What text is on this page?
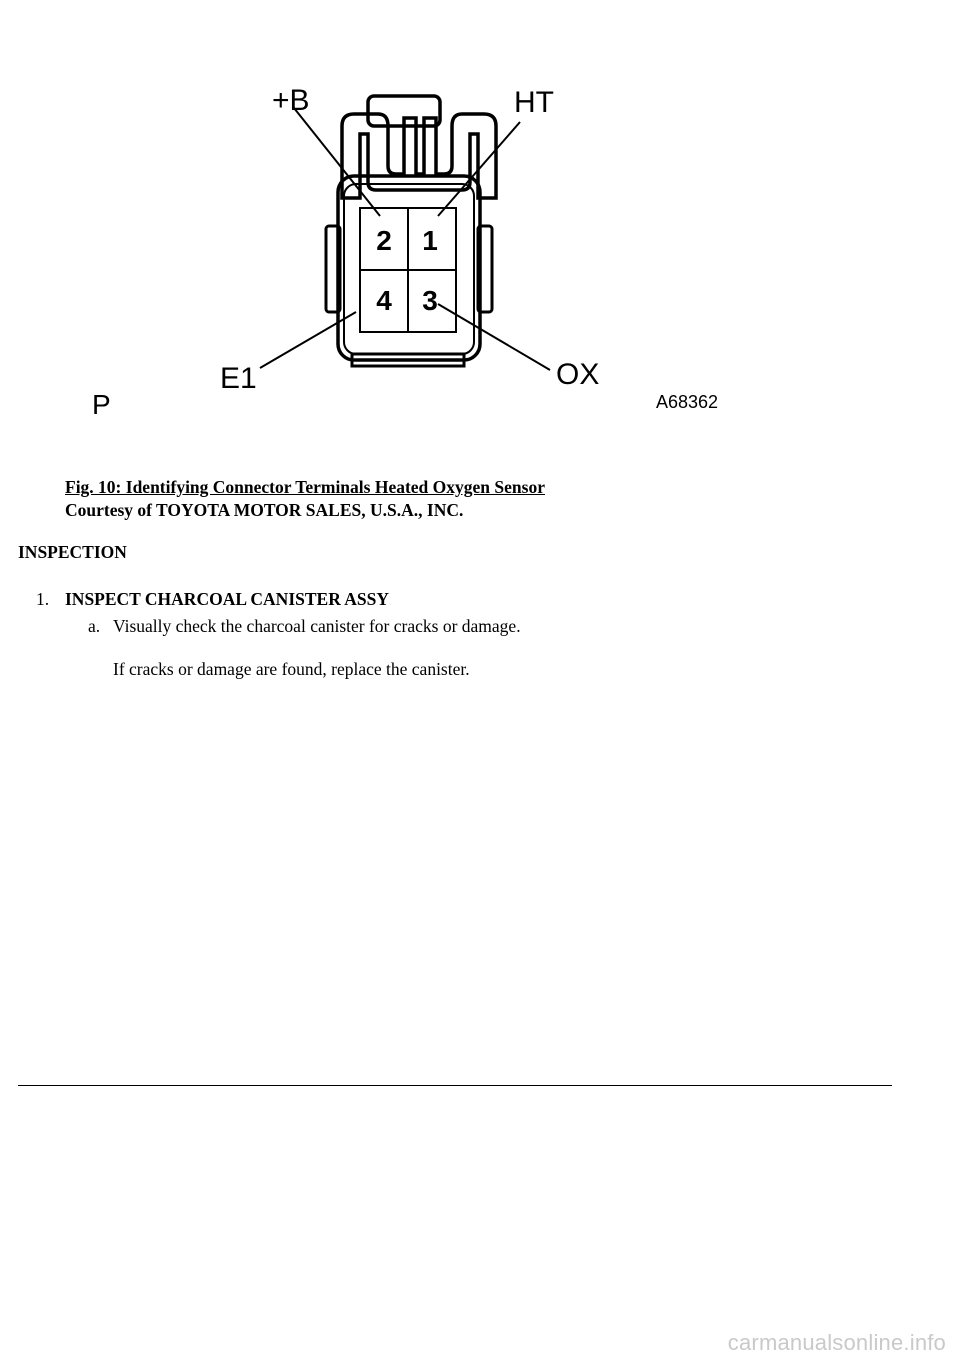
2 1
4 3
+B	HT
E1	OX
P	A68362
Fig. 10: Identifying Connector Terminals Heated Oxygen Sensor
Courtesy of TOYOTA MOTOR SALES, U.S.A., INC.
INSPECTION
1. INSPECT CHARCOAL CANISTER ASSY
a. Visually check the charcoal canister for cracks or damage.
If cracks or damage are found, replace the canister.
carmanualsonline.info
